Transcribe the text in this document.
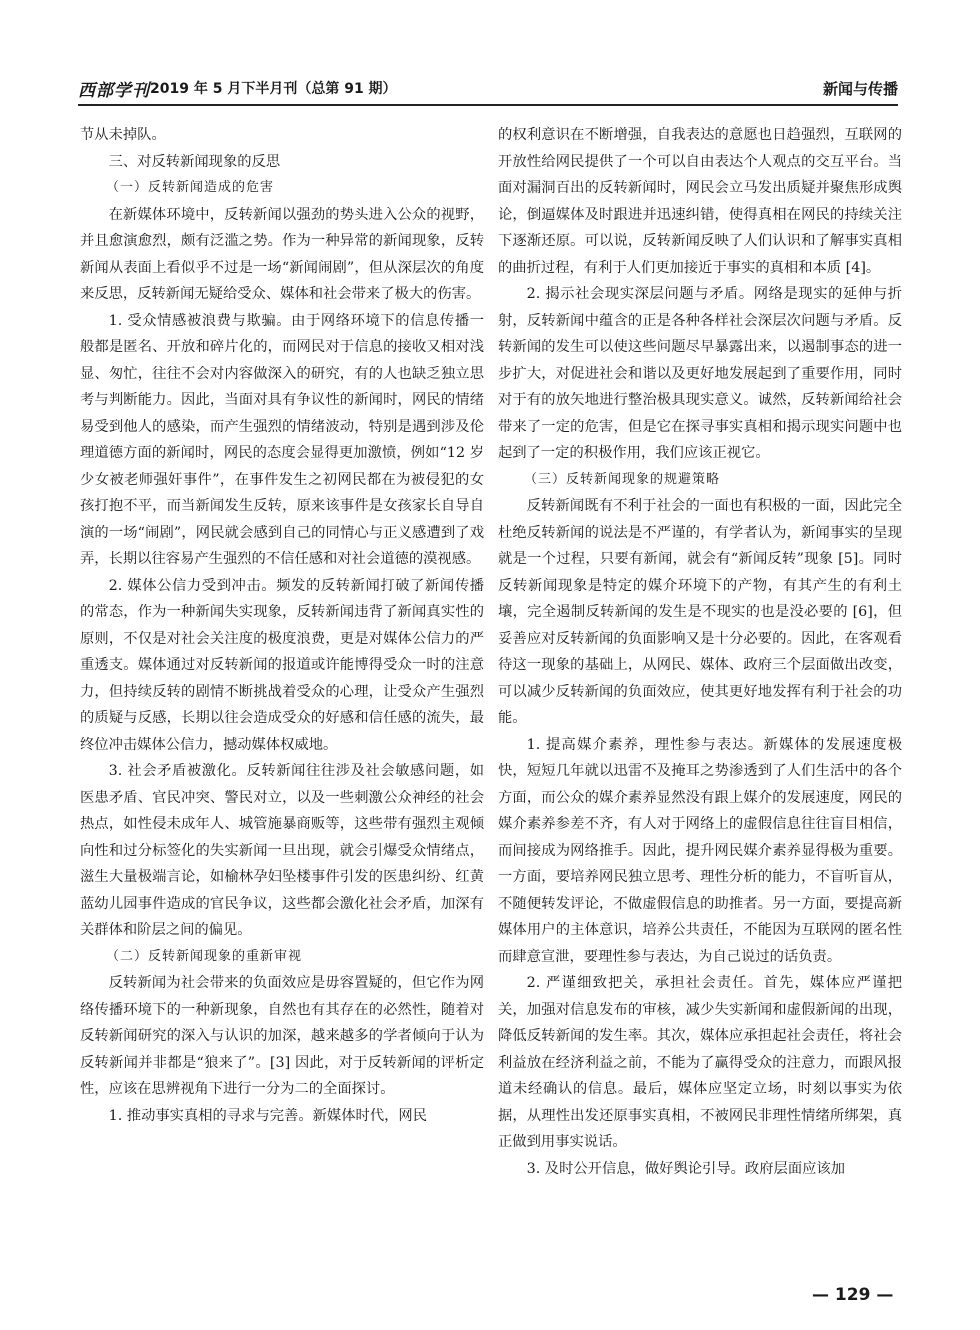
西部学刊 2019 年 5 月下半月刊（总第 91 期）	新闻与传播

节从未掉队。

三、对反转新闻现象的反思

（一）反转新闻造成的危害

在新媒体环境中，反转新闻以强劲的势头进入公众的视野，并且愈演愈烈，颇有泛滥之势。作为一种异常的新闻现象，反转新闻从表面上看似乎不过是一场“新闻闹剧”，但从深层次的角度来反思，反转新闻无疑给受众、媒体和社会带来了极大的伤害。

1. 受众情感被浪费与欺骗。由于网络环境下的信息传播一般都是匿名、开放和碎片化的，而网民对于信息的接收又相对浅显、匆忙，往往不会对内容做深入的研究，有的人也缺乏独立思考与判断能力。因此，当面对具有争议性的新闻时，网民的情绪易受到他人的感染，而产生强烈的情绪波动，特别是遇到涉及伦理道德方面的新闻时，网民的态度会显得更加激愤，例如“12 岁少女被老师强奸事件”，在事件发生之初网民都在为被侵犯的女孩打抱不平，而当新闻发生反转，原来该事件是女孩家长自导自演的一场“闹剧”，网民就会感到自己的同情心与正义感遭到了戏弄，长期以往容易产生强烈的不信任感和对社会道德的漠视感。

2. 媒体公信力受到冲击。频发的反转新闻打破了新闻传播的常态，作为一种新闻失实现象，反转新闻违背了新闻真实性的原则，不仅是对社会关注度的极度浪费，更是对媒体公信力的严重透支。媒体通过对反转新闻的报道或许能博得受众一时的注意力，但持续反转的剧情不断挑战着受众的心理，让受众产生强烈的质疑与反感，长期以往会造成受众的好感和信任感的流失，最终位冲击媒体公信力，撼动媒体权威地。

3. 社会矛盾被激化。反转新闻往往涉及社会敏感问题，如医患矛盾、官民冲突、警民对立，以及一些刺激公众神经的社会热点，如性侵未成年人、城管施暴商贩等，这些带有强烈主观倾向性和过分标签化的失实新闻一旦出现，就会引爆受众情绪点，滋生大量极端言论，如榆林孕妇坠楼事件引发的医患纠纷、红黄蓝幼儿园事件造成的官民争议，这些都会激化社会矛盾，加深有关群体和阶层之间的偏见。

（二）反转新闻现象的重新审视

反转新闻为社会带来的负面效应是毋容置疑的，但它作为网络传播环境下的一种新现象，自然也有其存在的必然性，随着对反转新闻研究的深入与认识的加深，越来越多的学者倾向于认为反转新闻并非都是“狼来了”。[3] 因此，对于反转新闻的评析定性，应该在思辨视角下进行一分为二的全面探讨。

1. 推动事实真相的寻求与完善。新媒体时代，网民

的权利意识在不断增强，自我表达的意愿也日趋强烈，互联网的开放性给网民提供了一个可以自由表达个人观点的交互平台。当面对漏洞百出的反转新闻时，网民会立马发出质疑并聚焦形成舆论，倒逼媒体及时跟进并迅速纠错，使得真相在网民的持续关注下逐渐还原。可以说，反转新闻反映了人们认识和了解事实真相的曲折过程，有利于人们更加接近于事实的真相和本质 [4]。

2. 揭示社会现实深层问题与矛盾。网络是现实的延伸与折射，反转新闻中蕴含的正是各种各样社会深层次问题与矛盾。反转新闻的发生可以使这些问题尽早暴露出来，以遏制事态的进一步扩大，对促进社会和谐以及更好地发展起到了重要作用，同时对于有的放矢地进行整治极具现实意义。诚然，反转新闻给社会带来了一定的危害，但是它在探寻事实真相和揭示现实问题中也起到了一定的积极作用，我们应该正视它。

（三）反转新闻现象的规避策略

反转新闻既有不利于社会的一面也有积极的一面，因此完全杜绝反转新闻的说法是不严谨的，有学者认为，新闻事实的呈现就是一个过程，只要有新闻，就会有“新闻反转”现象 [5]。同时反转新闻现象是特定的媒介环境下的产物，有其产生的有利土壤，完全遏制反转新闻的发生是不现实的也是没必要的 [6]，但妥善应对反转新闻的负面影响又是十分必要的。因此，在客观看待这一现象的基础上，从网民、媒体、政府三个层面做出改变，可以减少反转新闻的负面效应，使其更好地发挥有利于社会的功能。

1. 提高媒介素养，理性参与表达。新媒体的发展速度极快，短短几年就以迅雷不及掩耳之势渗透到了人们生活中的各个方面，而公众的媒介素养显然没有跟上媒介的发展速度，网民的媒介素养参差不齐，有人对于网络上的虚假信息往往盲目相信，而间接成为网络推手。因此，提升网民媒介素养显得极为重要。一方面，要培养网民独立思考、理性分析的能力，不盲听盲从，不随便转发评论，不做虚假信息的助推者。另一方面，要提高新媒体用户的主体意识，培养公共责任，不能因为互联网的匿名性而肆意宣泄，要理性参与表达，为自己说过的话负责。

2. 严谨细致把关，承担社会责任。首先，媒体应严谨把关，加强对信息发布的审核，减少失实新闻和虚假新闻的出现，降低反转新闻的发生率。其次，媒体应承担起社会责任，将社会利益放在经济利益之前，不能为了赢得受众的注意力，而跟风报道未经确认的信息。最后，媒体应坚定立场，时刻以事实为依据，从理性出发还原事实真相，不被网民非理性情绪所绑架，真正做到用事实说话。

3. 及时公开信息，做好舆论引导。政府层面应该加

— 129 —
